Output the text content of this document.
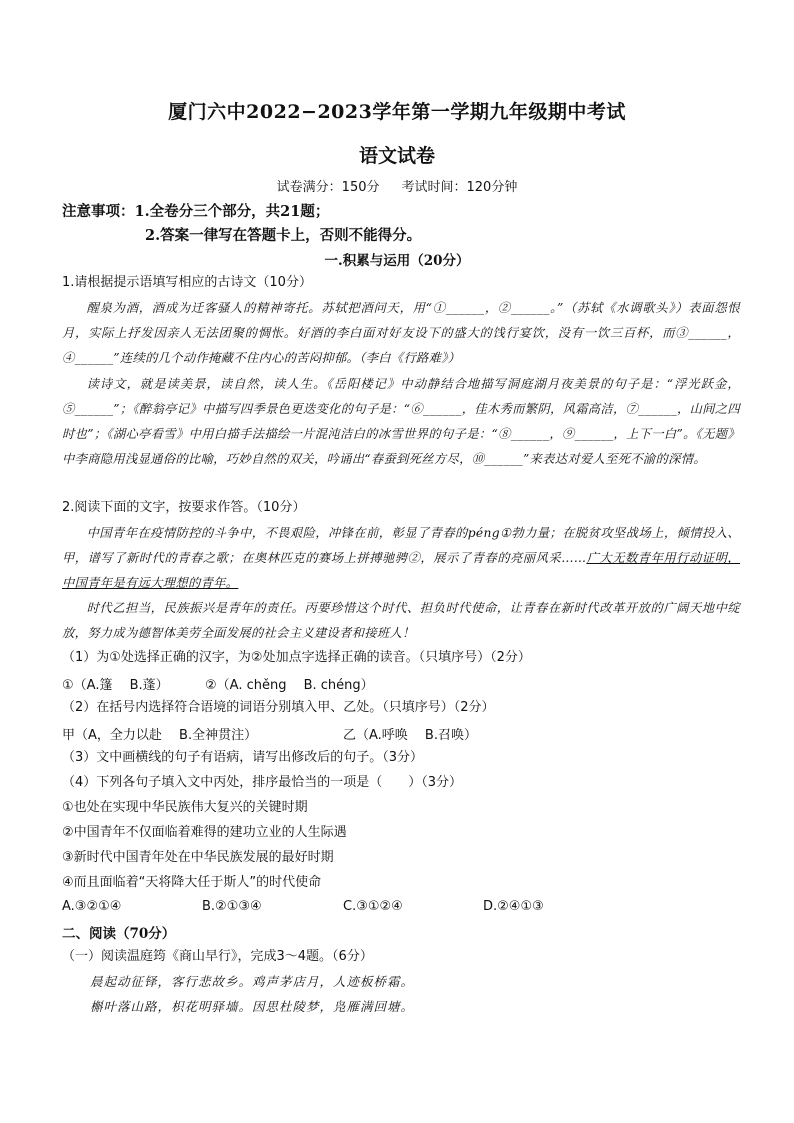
厦门六中2022−2023学年第一学期九年级期中考试
语文试卷
试卷满分：150分 考试时间：120分钟
注意事项：1.全卷分三个部分，共21题；
2.答案一律写在答题卡上，否则不能得分。
一.积累与运用（20分）
1.请根据提示语填写相应的古诗文（10分）
醒泉为酒，酒成为迁客骚人的精神寄托。苏轼把酒问天，用“①______，②______。”（苏轼《水调歌头》）表面怨恨月，实际上抒发因亲人无法团聚的惆怅。好酒的李白面对好友设下的盛大的饯行宴饮，没有一饮三百杯，而③______，④______”连续的几个动作掩藏不住内心的苦闷抑郁。（李白《行路难》）
读诗文，就是读美景，读自然，读人生。《岳阳楼记》中动静结合地描写洞庭湖月夜美景的句子是：“浮光跃金，⑤______”；《醉翁亭记》中描写四季景色更迭变化的句子是：“⑥______，佳木秀而繁阴，风霜高洁，⑦______，山间之四时也”；《湖心亭看雪》中用白描手法描绘一片混沌洁白的冰雪世界的句子是：“⑧______，⑨______，上下一白”。《无题》中李商隐用浅显通俗的比喻，巧妙自然的双关，吟诵出“春蚕到死丝方尽，⑩______”来表达对爱人至死不渝的深情。
2.阅读下面的文字，按要求作答。（10分）
中国青年在疫情防控的斗争中，不畏艰险，冲锋在前，彰显了青春的péng①勃力量；在脱贫攻坚战场上，倾情投入、甲，谱写了新时代的青春之歌；在奥林匹克的赛场上拼搏驰骋②，展示了青春的亮丽风采……广大无数青年用行动证明，中国青年是有远大理想的青年。
时代乙担当，民族振兴是青年的责任。丙要珍惜这个时代、担负时代使命，让青春在新时代改革开放的广阔天地中绽放，努力成为德智体美劳全面发展的社会主义建设者和接班人！
（1）为①处选择正确的汉字，为②处加点字选择正确的读音。（只填序号）（2分）
①（A.篷　 B.蓬）	②（A. chěng　 B. chéng）
（2）在括号内选择符合语境的词语分别填入甲、乙处。（只填序号）（2分）
甲（A，全力以赴　 B.全神贯注）	乙（A.呼唤　 B.召唤）
（3）文中画横线的句子有语病，请写出修改后的句子。（3分）
（4）下列各句子填入文中丙处，排序最恰当的一项是（　　）（3分）
①也处在实现中华民族伟大复兴的关键时期
②中国青年不仅面临着难得的建功立业的人生际遇
③新时代中国青年处在中华民族发展的最好时期
④而且面临着“天将降大任于斯人”的时代使命
A.③②①④	B.②①③④	C.③①②④	D.②④①③
二、阅读（70分）
（一）阅读温庭筠《商山早行》，完成3～4题。（6分）
晨起动征铎，客行悲故乡。鸡声茅店月，人迹板桥霜。
槲叶落山路，枳花明驿墙。因思杜陵梦，凫雁满回塘。
